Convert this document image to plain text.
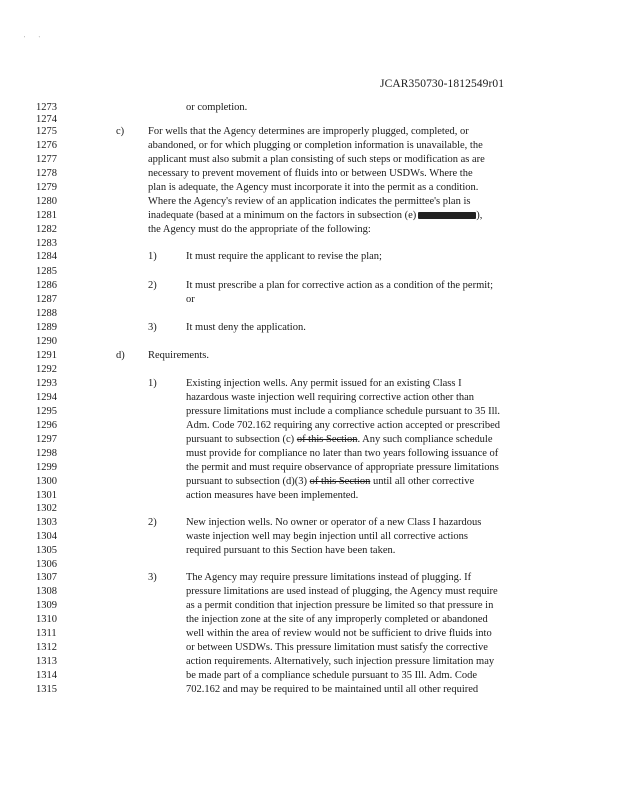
' '
JCAR350730-1812549r01
1273
1274
1275
1276
1277
1278
1279
1280
1281
1282
1283
1284
1285
1286
1287
1288
1289
1290
1291
1292
1293
1294
1295
1296
1297
1298
1299
1300
1301
1302
1303
1304
1305
1306
1307
1308
1309
1310
1311
1312
1313
1314
1315
c)
1)
2)
3)
d)
1)
2)
3)
or completion.
For wells that the Agency determines are improperly plugged, completed, or
abandoned, or for which plugging or completion information is unavailable, the
applicant must also submit a plan consisting of such steps or modification as are
necessary to prevent movement of fluids into or between USDWs. Where the
plan is adequate, the Agency must incorporate it into the permit as a condition.
Where the Agency's review of an application indicates the permittee's plan is
inadequate (based at a minimum on the factors in subsection (e)	),
the Agency must do the appropriate of the following:
It must require the applicant to revise the plan;
It must prescribe a plan for corrective action as a condition of the permit;
or
It must deny the application.
Requirements.
Existing injection wells. Any permit issued for an existing Class I
hazardous waste injection well requiring corrective action other than
pressure limitations must include a compliance schedule pursuant to 35 Ill.
Adm. Code 702.162 requiring any corrective action accepted or prescribed
pursuant to subsection (c) of this Section. Any such compliance schedule
must provide for compliance no later than two years following issuance of
the permit and must require observance of appropriate pressure limitations
pursuant to subsection (d)(3) of this Section until all other corrective
action measures have been implemented.
New injection wells. No owner or operator of a new Class I hazardous
waste injection well may begin injection until all corrective actions
required pursuant to this Section have been taken.
The Agency may require pressure limitations instead of plugging. If
pressure limitations are used instead of plugging, the Agency must require
as a permit condition that injection pressure be limited so that pressure in
the injection zone at the site of any improperly completed or abandoned
well within the area of review would not be sufficient to drive fluids into
or between USDWs. This pressure limitation must satisfy the corrective
action requirements. Alternatively, such injection pressure limitation may
be made part of a compliance schedule pursuant to 35 Ill. Adm. Code
702.162 and may be required to be maintained until all other required
